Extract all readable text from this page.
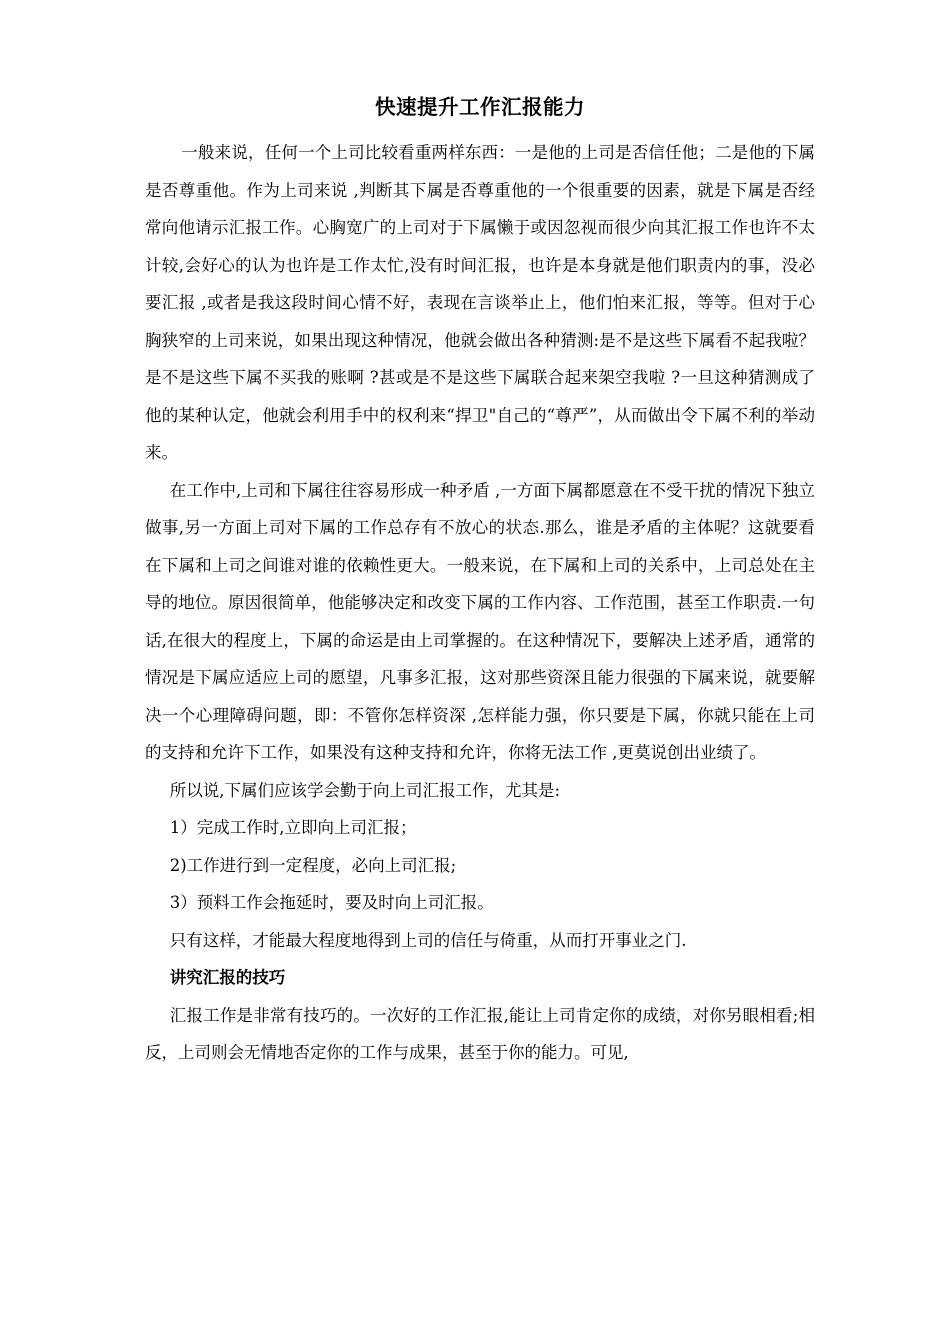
快速提升工作汇报能力

一般来说，任何一个上司比较看重两样东西：一是他的上司是否信任他；二是他的下属是否尊重他。作为上司来说 ,判断其下属是否尊重他的一个很重要的因素，就是下属是否经常向他请示汇报工作。心胸宽广的上司对于下属懒于或因忽视而很少向其汇报工作也许不太计较,会好心的认为也许是工作太忙,没有时间汇报，也许是本身就是他们职责内的事，没必要汇报 ,或者是我这段时间心情不好，表现在言谈举止上，他们怕来汇报，等等。但对于心胸狭窄的上司来说，如果出现这种情况，他就会做出各种猜测:是不是这些下属看不起我啦？是不是这些下属不买我的账啊 ?甚或是不是这些下属联合起来架空我啦 ?一旦这种猜测成了他的某种认定，他就会利用手中的权利来“捍卫"自己的“尊严”，从而做出令下属不利的举动来。

在工作中,上司和下属往往容易形成一种矛盾 ,一方面下属都愿意在不受干扰的情况下独立做事,另一方面上司对下属的工作总存有不放心的状态.那么，谁是矛盾的主体呢？这就要看在下属和上司之间谁对谁的依赖性更大。一般来说，在下属和上司的关系中，上司总处在主导的地位。原因很简单，他能够决定和改变下属的工作内容、工作范围，甚至工作职责.一句话,在很大的程度上，下属的命运是由上司掌握的。在这种情况下，要解决上述矛盾，通常的情况是下属应适应上司的愿望，凡事多汇报，这对那些资深且能力很强的下属来说，就要解决一个心理障碍问题，即：不管你怎样资深 ,怎样能力强，你只要是下属，你就只能在上司的支持和允许下工作，如果没有这种支持和允许，你将无法工作 ,更莫说创出业绩了。

所以说,下属们应该学会勤于向上司汇报工作，尤其是:

1）完成工作时,立即向上司汇报；

2)工作进行到一定程度，必向上司汇报;

3）预料工作会拖延时，要及时向上司汇报。

只有这样，才能最大程度地得到上司的信任与倚重，从而打开事业之门.

讲究汇报的技巧

汇报工作是非常有技巧的。一次好的工作汇报,能让上司肯定你的成绩，对你另眼相看;相反，上司则会无情地否定你的工作与成果，甚至于你的能力。可见,
